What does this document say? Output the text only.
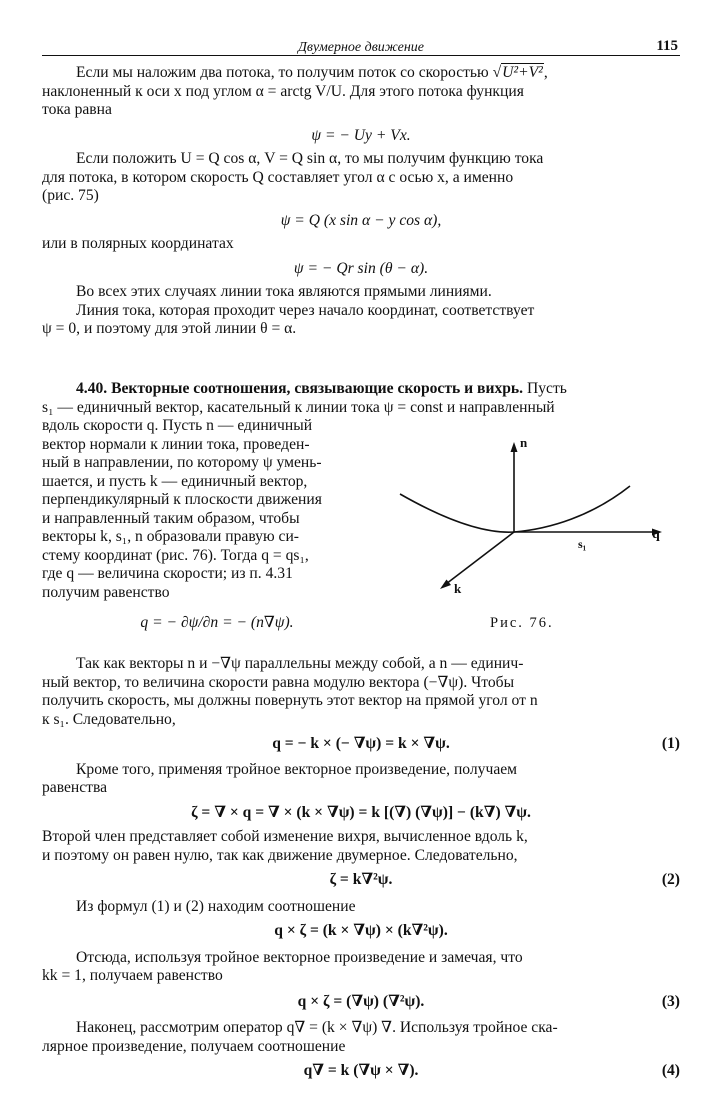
Двумерное движение	115

Если мы наложим два потока, то получим поток со скоростью √U²+V²,

наклоненный к оси x под углом α = arctg V/U. Для этого потока функция

тока равна

ψ = − Uy + Vx.

Если положить U = Q cos α, V = Q sin α, то мы получим функцию тока

для потока, в котором скорость Q составляет угол α с осью x, а именно

(рис. 75)

ψ = Q (x sin α − y cos α),

или в полярных координатах

ψ = − Qr sin (θ − α).

Во всех этих случаях линии тока являются прямыми линиями.

Линия тока, которая проходит через начало координат, соответствует

ψ = 0, и поэтому для этой линии θ = α.

4.40. Векторные соотношения, связывающие скорость и вихрь. Пусть

s₁ — единичный вектор, касательный к линии тока ψ = const и направленный

вдоль скорости q. Пусть n — единичный

вектор нормали к линии тока, проведен-

ный в направлении, по которому ψ умень-

шается, и пусть k — единичный вектор,

перпендикулярный к плоскости движения

и направленный таким образом, чтобы

векторы k, s₁, n образовали правую си-

стему координат (рис. 76). Тогда q = qs₁,

где q — величина скорости; из п. 4.31

получим равенство

q = − ∂ψ/∂n = − (n∇ψ).

n
s₁
q
k
Рис. 76.

Так как векторы n и −∇ψ параллельны между собой, а n — единич-

ный вектор, то величина скорости равна модулю вектора (−∇ψ). Чтобы

получить скорость, мы должны повернуть этот вектор на прямой угол от n

к s₁. Следовательно,

q = − k × (− ∇ψ) = k × ∇ψ.	(1)

Кроме того, применяя тройное векторное произведение, получаем

равенства

ζ = ∇ × q = ∇ × (k × ∇ψ) = k [(∇) (∇ψ)] − (k∇) ∇ψ.

Второй член представляет собой изменение вихря, вычисленное вдоль k,

и поэтому он равен нулю, так как движение двумерное. Следовательно,

ζ = k∇²ψ.	(2)

Из формул (1) и (2) находим соотношение

q × ζ = (k × ∇ψ) × (k∇²ψ).

Отсюда, используя тройное векторное произведение и замечая, что

kk = 1, получаем равенство

q × ζ = (∇ψ) (∇²ψ).	(3)

Наконец, рассмотрим оператор q∇ = (k × ∇ψ) ∇. Используя тройное ска-

лярное произведение, получаем соотношение

q∇ = k (∇ψ × ∇).	(4)
